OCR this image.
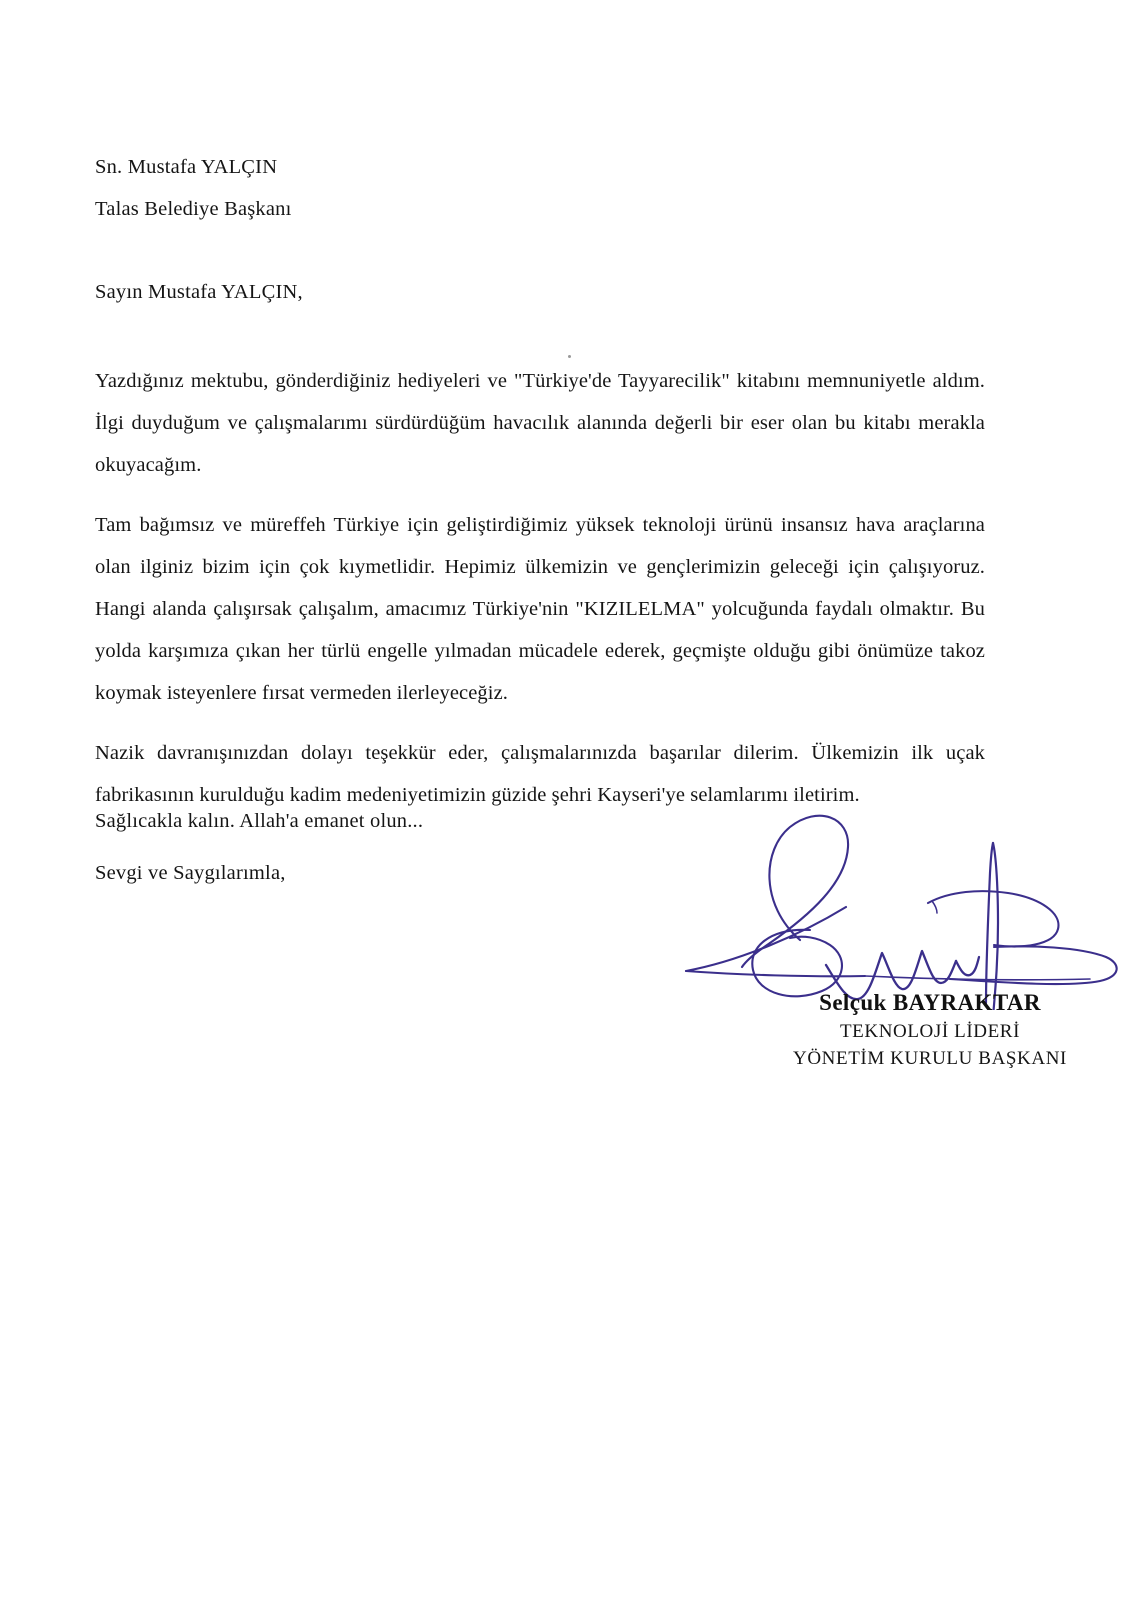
Sn. Mustafa YALÇIN
Talas Belediye Başkanı
Sayın Mustafa YALÇIN,

Yazdığınız mektubu, gönderdiğiniz hediyeleri ve "Türkiye'de Tayyarecilik" kitabını memnuniyetle aldım. İlgi duyduğum ve çalışmalarımı sürdürdüğüm havacılık alanında değerli bir eser olan bu kitabı merakla okuyacağım.

Tam bağımsız ve müreffeh Türkiye için geliştirdiğimiz yüksek teknoloji ürünü insansız hava araçlarına olan ilginiz bizim için çok kıymetlidir. Hepimiz ülkemizin ve gençlerimizin geleceği için çalışıyoruz. Hangi alanda çalışırsak çalışalım, amacımız Türkiye'nin "KIZILELMA" yolcuğunda faydalı olmaktır. Bu yolda karşımıza çıkan her türlü engelle yılmadan mücadele ederek, geçmişte olduğu gibi önümüze takoz koymak isteyenlere fırsat vermeden ilerleyeceğiz.

Nazik davranışınızdan dolayı teşekkür eder, çalışmalarınızda başarılar dilerim. Ülkemizin ilk uçak fabrikasının kurulduğu kadim medeniyetimizin güzide şehri Kayseri'ye selamlarımı iletirim.

Sağlıcakla kalın. Allah'a emanet olun...
Sevgi ve Saygılarımla,
Selçuk BAYRAKTAR
TEKNOLOJİ LİDERİ
YÖNETİM KURULU BAŞKANI
